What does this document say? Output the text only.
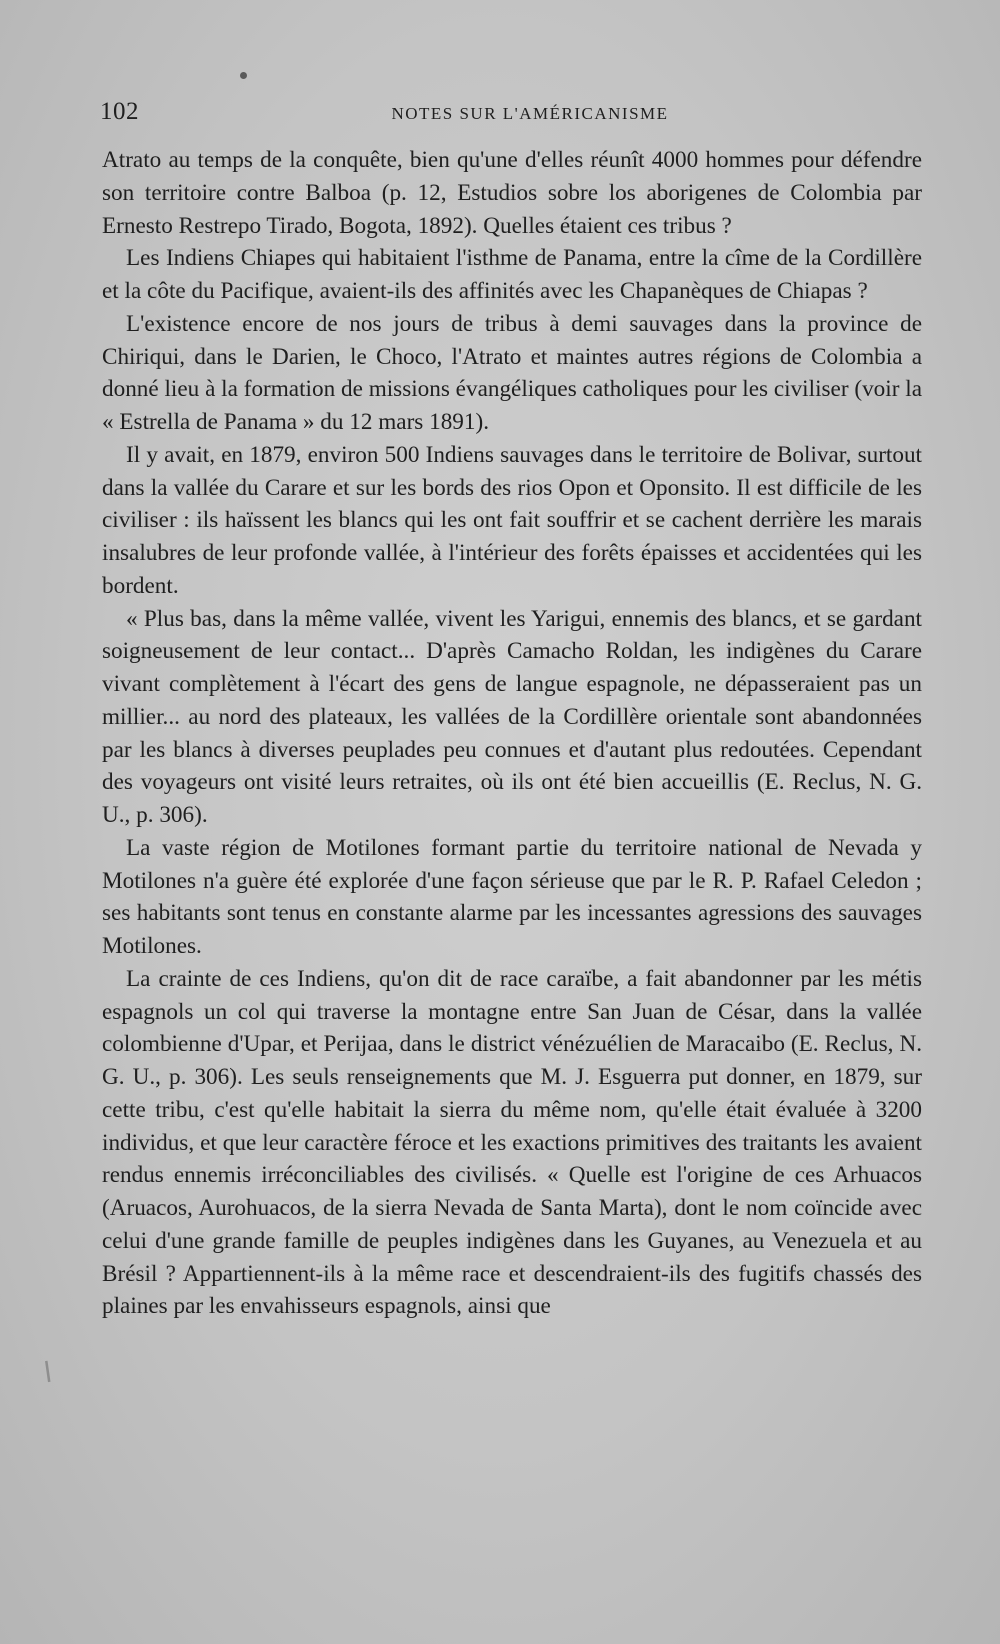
102	NOTES SUR L'AMÉRICANISME

Atrato au temps de la conquête, bien qu'une d'elles réunît 4000 hommes pour défendre son territoire contre Balboa (p. 12, Estudios sobre los aborigenes de Colombia par Ernesto Restrepo Tirado, Bogota, 1892). Quelles étaient ces tribus ?

Les Indiens Chiapes qui habitaient l'isthme de Panama, entre la cîme de la Cordillère et la côte du Pacifique, avaient-ils des affinités avec les Chapanèques de Chiapas ?

L'existence encore de nos jours de tribus à demi sauvages dans la province de Chiriqui, dans le Darien, le Choco, l'Atrato et maintes autres régions de Colombia a donné lieu à la formation de missions évangéliques catholiques pour les civiliser (voir la « Estrella de Panama » du 12 mars 1891).

Il y avait, en 1879, environ 500 Indiens sauvages dans le territoire de Bolivar, surtout dans la vallée du Carare et sur les bords des rios Opon et Oponsito. Il est difficile de les civiliser : ils haïssent les blancs qui les ont fait souffrir et se cachent derrière les marais insalubres de leur profonde vallée, à l'intérieur des forêts épaisses et accidentées qui les bordent.

« Plus bas, dans la même vallée, vivent les Yarigui, ennemis des blancs, et se gardant soigneusement de leur contact... D'après Camacho Roldan, les indigènes du Carare vivant complètement à l'écart des gens de langue espagnole, ne dépasseraient pas un millier... au nord des plateaux, les vallées de la Cordillère orientale sont abandonnées par les blancs à diverses peuplades peu connues et d'autant plus redoutées. Cependant des voyageurs ont visité leurs retraites, où ils ont été bien accueillis (E. Reclus, N. G. U., p. 306).

La vaste région de Motilones formant partie du territoire national de Nevada y Motilones n'a guère été explorée d'une façon sérieuse que par le R. P. Rafael Celedon ; ses habitants sont tenus en constante alarme par les incessantes agressions des sauvages Motilones.

La crainte de ces Indiens, qu'on dit de race caraïbe, a fait abandonner par les métis espagnols un col qui traverse la montagne entre San Juan de César, dans la vallée colombienne d'Upar, et Perijaa, dans le district vénézuélien de Maracaibo (E. Reclus, N. G. U., p. 306). Les seuls renseignements que M. J. Esguerra put donner, en 1879, sur cette tribu, c'est qu'elle habitait la sierra du même nom, qu'elle était évaluée à 3200 individus, et que leur caractère féroce et les exactions primitives des traitants les avaient rendus ennemis irréconciliables des civilisés. « Quelle est l'origine de ces Arhuacos (Aruacos, Aurohuacos, de la sierra Nevada de Santa Marta), dont le nom coïncide avec celui d'une grande famille de peuples indigènes dans les Guyanes, au Venezuela et au Brésil ? Appartiennent-ils à la même race et descendraient-ils des fugitifs chassés des plaines par les envahisseurs espagnols, ainsi que

l
